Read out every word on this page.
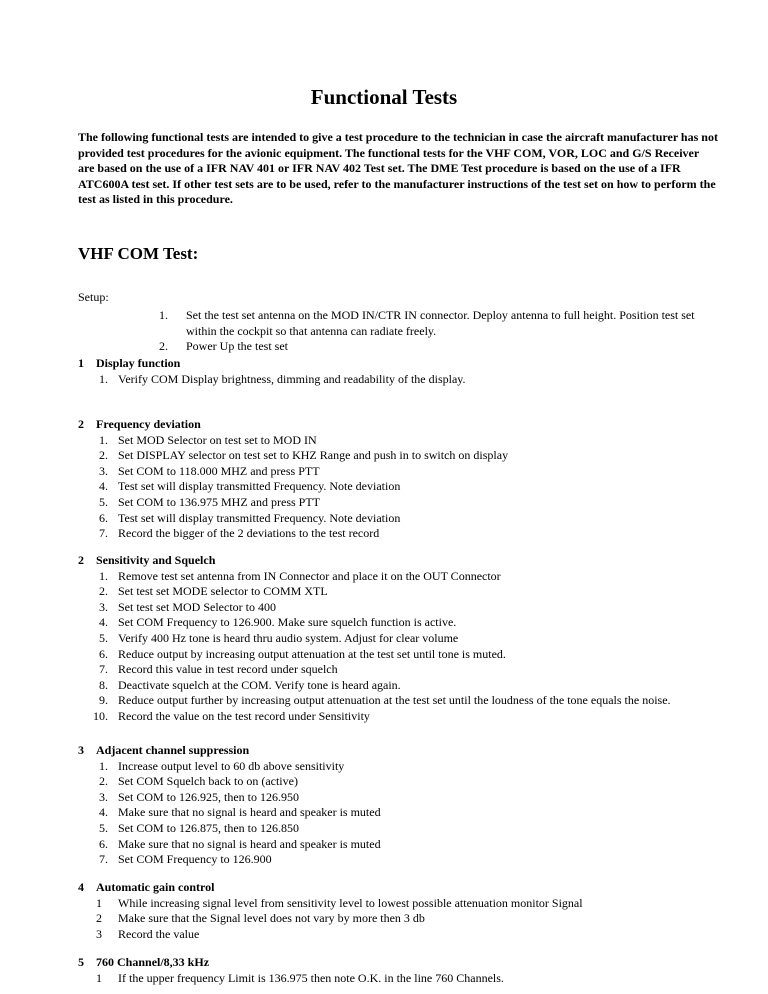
Functional Tests
The following functional tests are intended to give a test procedure to the technician in case the aircraft manufacturer has not provided test procedures for the avionic equipment. The functional tests for the VHF COM, VOR, LOC and G/S Receiver are based on the use of a IFR NAV 401 or IFR NAV 402 Test set. The DME Test procedure is based on the use of a IFR ATC600A test set. If other test sets are to be used, refer to the manufacturer instructions of the test set on how to perform the test as listed in this procedure.
VHF COM Test:
Setup:
1. Set the test set antenna on the MOD IN/CTR IN connector. Deploy antenna to full height. Position test set within the cockpit so that antenna can radiate freely.
2. Power Up the test set
1 Display function
1. Verify COM Display brightness, dimming and readability of the display.
2 Frequency deviation
1. Set MOD Selector on test set to MOD IN
2. Set DISPLAY selector on test set to KHZ Range and push in to switch on display
3. Set COM to 118.000 MHZ and press PTT
4. Test set will display transmitted Frequency. Note deviation
5. Set COM to 136.975 MHZ and press PTT
6. Test set will display transmitted Frequency. Note deviation
7. Record the bigger of the 2 deviations to the test record
2 Sensitivity and Squelch
1. Remove test set antenna from IN Connector and place it on the OUT Connector
2. Set test set MODE selector to COMM XTL
3. Set test set MOD Selector to 400
4. Set COM Frequency to 126.900. Make sure squelch function is active.
5. Verify 400 Hz tone is heard thru audio system. Adjust for clear volume
6. Reduce output by increasing output attenuation at the test set until tone is muted.
7. Record this value in test record under squelch
8. Deactivate squelch at the COM. Verify tone is heard again.
9. Reduce output further by increasing output attenuation at the test set until the loudness of the tone equals the noise.
10. Record the value on the test record under Sensitivity
3 Adjacent channel suppression
1. Increase output level to 60 db above sensitivity
2. Set COM Squelch back to on (active)
3. Set COM to 126.925, then to 126.950
4. Make sure that no signal is heard and speaker is muted
5. Set COM to 126.875, then to 126.850
6. Make sure that no signal is heard and speaker is muted
7. Set COM Frequency to 126.900
4 Automatic gain control
1	While increasing signal level from sensitivity level to lowest possible attenuation monitor Signal
2	Make sure that the Signal level does not vary by more then 3 db
3	Record the value
5 760 Channel/8,33 kHz
1	If the upper frequency Limit is 136.975 then note O.K. in the line 760 Channels.
